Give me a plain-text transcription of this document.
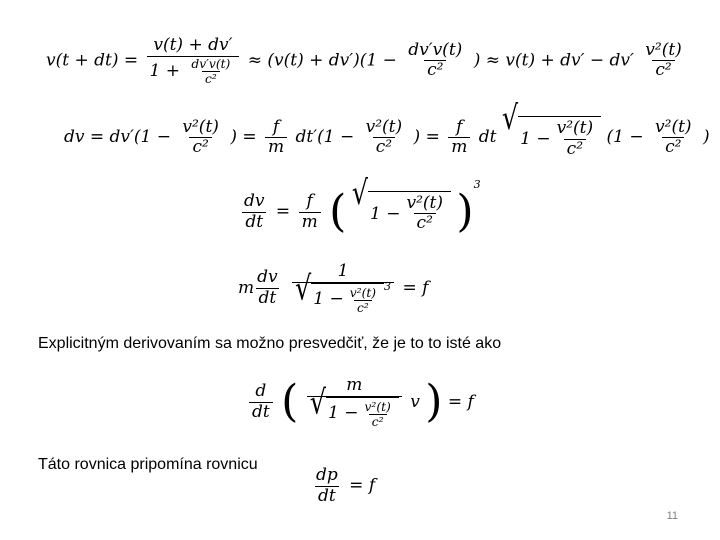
$v(t + dt) = \frac{v(t) + dv'}{1 + \frac{dv'v(t)}{\text{c²}}} \approx (v(t) + dv')(1 - \frac{dv'v(t)}{\text{c²}}$ ) ≈ $v(t) + dv' - dv' \frac{\text{v²(t)}}{\text{c²}}$
dv = $dv'(1 - \frac{\text{v²(t)}}{\text{c²}}$ ) = $\frac{f}{m} dt'(1 - \frac{\text{v²(t)}}{\text{c²}}$ ) = $\frac{f}{m}$ dt √
$1 - \frac{\text{v²(t)}}{\text{c²}} (1 - \frac{\text{v²(t)}}{\text{c²}}$ )
$\frac{dv}{dt} = \frac{f}{m}$ ( √
$1 - \frac{\text{v²(t)}}{\text{c²}} )^3$
m $\frac{dv}{dt}$
	1
√ $1 - \frac{\text{v²(t)}}{\text{c²}} ^3 = f$
Explicitným derivovaním sa možno presvedčiť, že je to to isté ako
$\frac{d}{dt}$ (	m
√ $1 - \frac{\text{v²(t)}}{\text{c²}}$ v ) = f
Táto rovnica pripomína rovnicu
$\frac{dp}{dt} = f$
11
